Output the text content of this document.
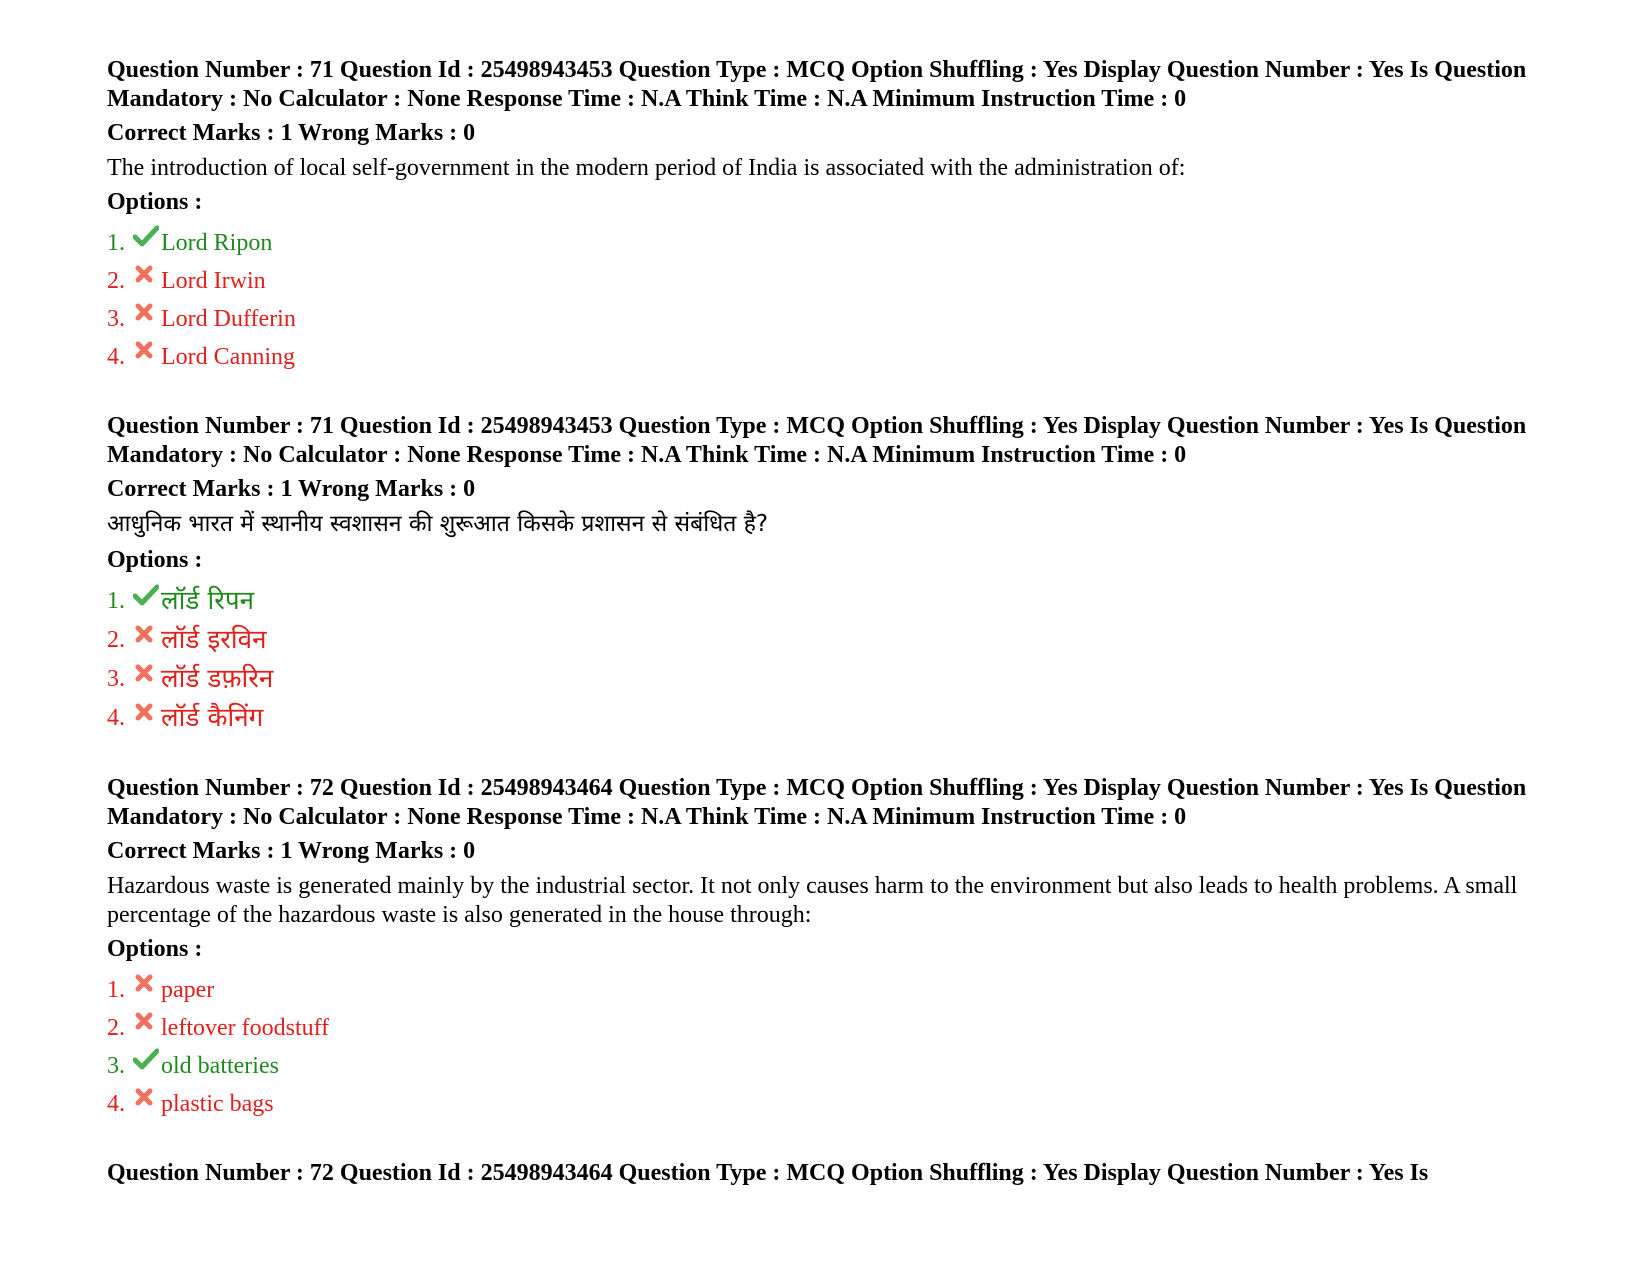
Question Number : 71 Question Id : 25498943453 Question Type : MCQ Option Shuffling : Yes Display Question Number : Yes Is Question Mandatory : No Calculator : None Response Time : N.A Think Time : N.A Minimum Instruction Time : 0

Correct Marks : 1 Wrong Marks : 0
The introduction of local self-government in the modern period of India is associated with the administration of:
Options :
1.	Lord Ripon
2.	Lord Irwin
3.	Lord Dufferin
4.	Lord Canning

Question Number : 71 Question Id : 25498943453 Question Type : MCQ Option Shuffling : Yes Display Question Number : Yes Is Question Mandatory : No Calculator : None Response Time : N.A Think Time : N.A Minimum Instruction Time : 0

Correct Marks : 1 Wrong Marks : 0
आधुनिक भारत में स्थानीय स्वशासन की शुरूआत किसके प्रशासन से संबंधित है?
Options :
1.	लॉर्ड रिपन
2.	लॉर्ड इरविन
3.	लॉर्ड डफ़रिन
4.	लॉर्ड कैनिंग

Question Number : 72 Question Id : 25498943464 Question Type : MCQ Option Shuffling : Yes Display Question Number : Yes Is Question Mandatory : No Calculator : None Response Time : N.A Think Time : N.A Minimum Instruction Time : 0

Correct Marks : 1 Wrong Marks : 0
Hazardous waste is generated mainly by the industrial sector. It not only causes harm to the environment but also leads to health problems. A small percentage of the hazardous waste is also generated in the house through:
Options :
1.	paper
2.	leftover foodstuff
3.	old batteries
4.	plastic bags

Question Number : 72 Question Id : 25498943464 Question Type : MCQ Option Shuffling : Yes Display Question Number : Yes Is
